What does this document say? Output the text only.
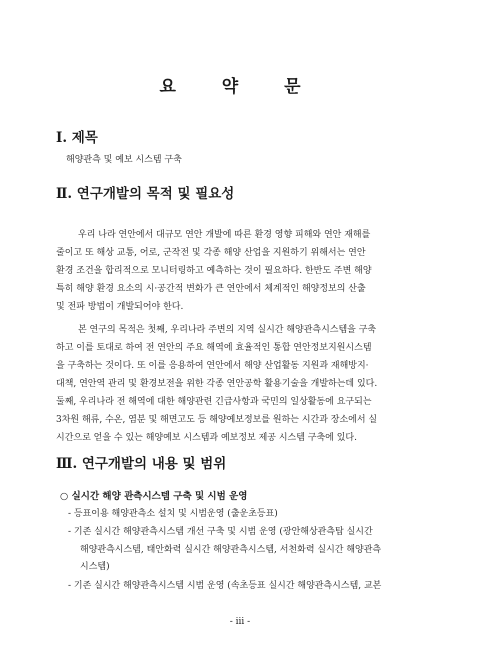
요 약 문
Ⅰ. 제목
해양관측 및 예보 시스템 구축
Ⅱ. 연구개발의 목적 및 필요성
우리 나라 연안에서 대규모 연안 개발에 따른 환경 영향 피해와 연안 재해를
줄이고 또 해상 교통, 어로, 군작전 및 각종 해양 산업을 지원하기 위해서는 연안
환경 조건을 합리적으로 모니터링하고 예측하는 것이 필요하다. 한반도 주변 해양
특히 해양 환경 요소의 시·공간적 변화가 큰 연안에서 체계적인 해양정보의 산출
및 전파 방법이 개발되어야 한다.
본 연구의 목적은 첫째, 우리나라 주변의 지역 실시간 해양관측시스템을 구축
하고 이를 토대로 하여 전 연안의 주요 해역에 효율적인 통합 연안정보지원시스템
을 구축하는 것이다. 또 이를 응용하여 연안에서 해양 산업활동 지원과 재해방지·
대책, 연안역 관리 및 환경보전을 위한 각종 연안공학 활용기술을 개발하는데 있다.
둘째, 우리나라 전 해역에 대한 해양관련 긴급사항과 국민의 일상활동에 요구되는
3차원 해류, 수온, 염분 및 해면고도 등 해양예보정보를 원하는 시간과 장소에서 실
시간으로 얻을 수 있는 해양예보 시스템과 예보정보 제공 시스템 구축에 있다.
Ⅲ. 연구개발의 내용 및 범위
○ 실시간 해양 관측시스템 구축 및 시범 운영
- 등표이용 해양관측소 설치 및 시범운영 (출운초등표)
- 기존 실시간 해양관측시스템 개선 구축 및 시범 운영 (광안해상관측탑 실시간
해양관측시스템, 태안화력 실시간 해양관측시스템, 서천화력 실시간 해양관측
시스템)
- 기존 실시간 해양관측시스템 시범 운영 (속초등표 실시간 해양관측시스템, 교본
- iii -
